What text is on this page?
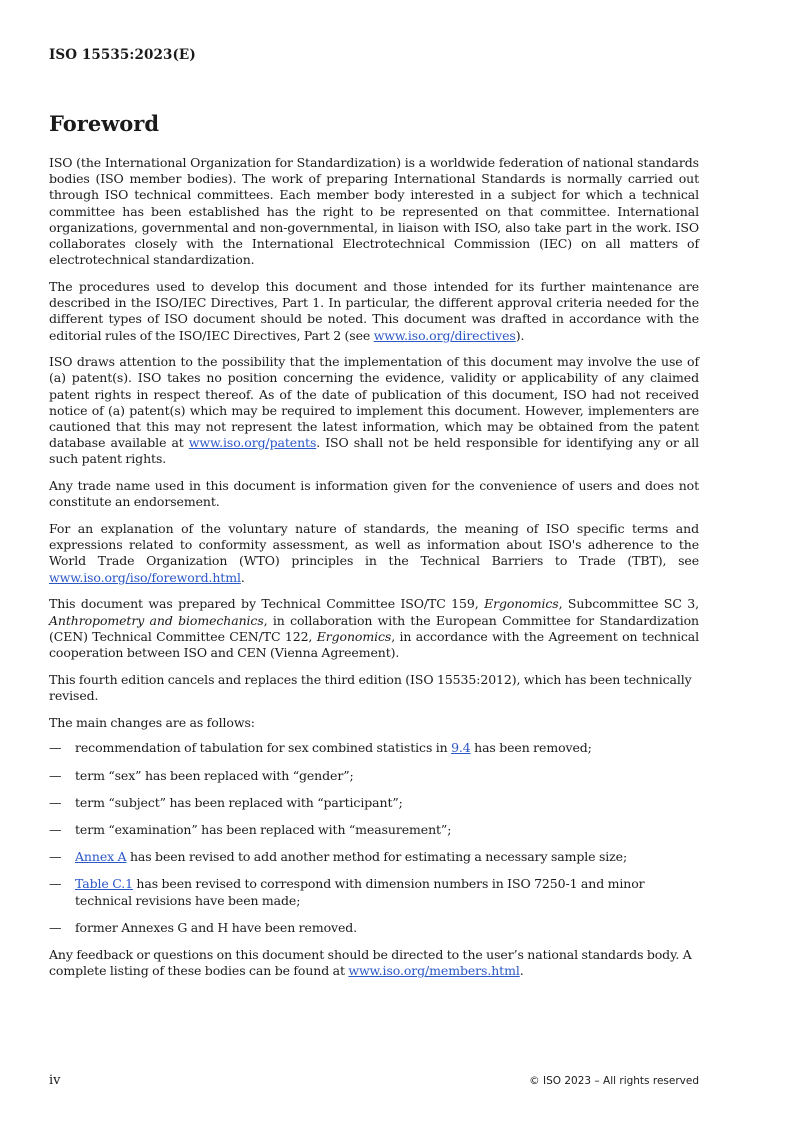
ISO 15535:2023(E)
Foreword

ISO (the International Organization for Standardization) is a worldwide federation of national standards bodies (ISO member bodies). The work of preparing International Standards is normally carried out through ISO technical committees. Each member body interested in a subject for which a technical committee has been established has the right to be represented on that committee. International organizations, governmental and non-governmental, in liaison with ISO, also take part in the work. ISO collaborates closely with the International Electrotechnical Commission (IEC) on all matters of electrotechnical standardization.

The procedures used to develop this document and those intended for its further maintenance are described in the ISO/IEC Directives, Part 1. In particular, the different approval criteria needed for the different types of ISO document should be noted. This document was drafted in accordance with the editorial rules of the ISO/IEC Directives, Part 2 (see www.iso.org/directives).

ISO draws attention to the possibility that the implementation of this document may involve the use of (a) patent(s). ISO takes no position concerning the evidence, validity or applicability of any claimed patent rights in respect thereof. As of the date of publication of this document, ISO had not received notice of (a) patent(s) which may be required to implement this document. However, implementers are cautioned that this may not represent the latest information, which may be obtained from the patent database available at www.iso.org/patents. ISO shall not be held responsible for identifying any or all such patent rights.

Any trade name used in this document is information given for the convenience of users and does not constitute an endorsement.

For an explanation of the voluntary nature of standards, the meaning of ISO specific terms and expressions related to conformity assessment, as well as information about ISO's adherence to the World Trade Organization (WTO) principles in the Technical Barriers to Trade (TBT), see www.iso.org/iso/foreword.html.

This document was prepared by Technical Committee ISO/TC 159, Ergonomics, Subcommittee SC 3, Anthropometry and biomechanics, in collaboration with the European Committee for Standardization (CEN) Technical Committee CEN/TC 122, Ergonomics, in accordance with the Agreement on technical cooperation between ISO and CEN (Vienna Agreement).

This fourth edition cancels and replaces the third edition (ISO 15535:2012), which has been technically revised.

The main changes are as follows:

—	recommendation of tabulation for sex combined statistics in 9.4 has been removed;
—	term “sex” has been replaced with “gender”;
—	term “subject” has been replaced with “participant”;
—	term “examination” has been replaced with “measurement”;
—	Annex A has been revised to add another method for estimating a necessary sample size;
—	Table C.1 has been revised to correspond with dimension numbers in ISO 7250-1 and minor technical revisions have been made;
—	former Annexes G and H have been removed.

Any feedback or questions on this document should be directed to the user’s national standards body. A complete listing of these bodies can be found at www.iso.org/members.html.

iv	© ISO 2023 – All rights reserved
